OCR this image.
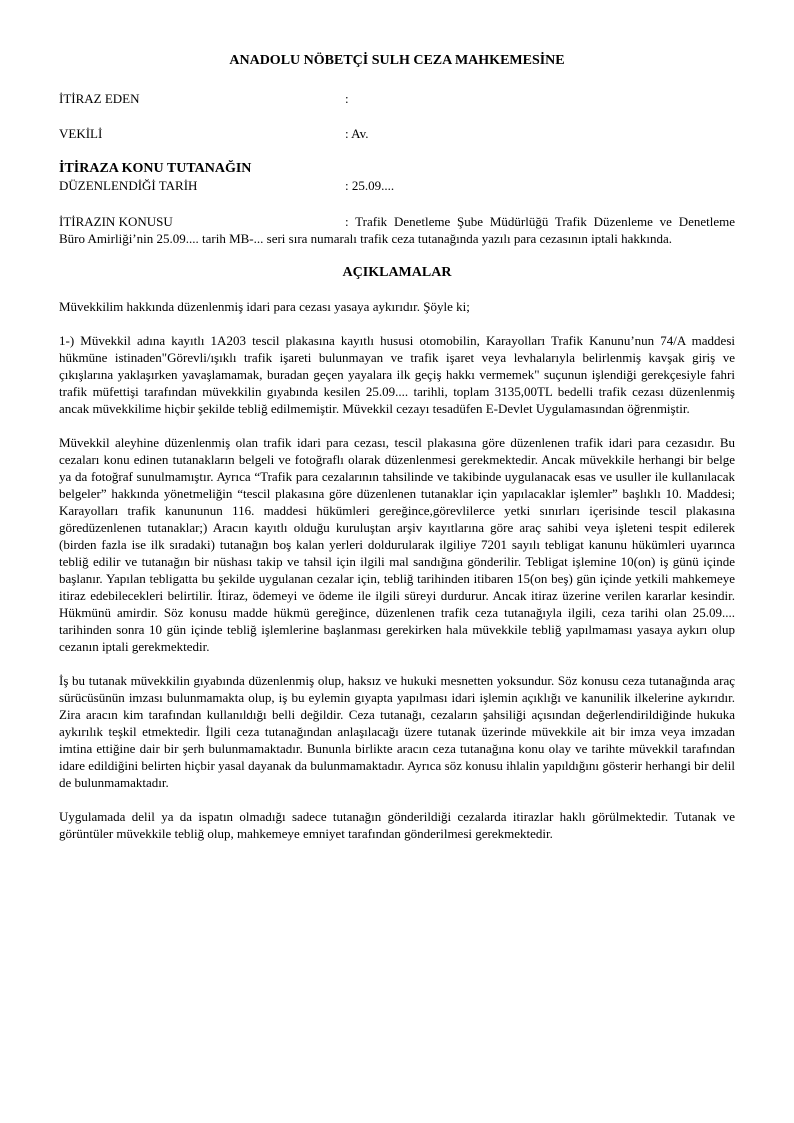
ANADOLU NÖBETÇİ SULH CEZA MAHKEMESİNE
İTİRAZ EDEN	:
VEKİLİ	: Av.
İTİRAZA KONU TUTANAĞIN
DÜZENLENDİĞİ TARİH	: 25.09....
İTİRAZIN KONUSU	: Trafik Denetleme Şube Müdürlüğü Trafik Düzenleme ve Denetleme Büro Amirliği’nin 25.09.... tarih MB-... seri sıra numaralı trafik ceza tutanağında yazılı para cezasının iptali hakkında.
AÇIKLAMALAR

Müvekkilim hakkında düzenlenmiş idari para cezası yasaya aykırıdır. Şöyle ki;

1-) Müvekkil adına kayıtlı 1A203 tescil plakasına kayıtlı hususi otomobilin, Karayolları Trafik Kanunu’nun 74/A maddesi hükmüne istinaden"Görevli/ışıklı trafik işareti bulunmayan ve trafik işaret veya levhalarıyla belirlenmiş kavşak giriş ve çıkışlarına yaklaşırken yavaşlamamak, buradan geçen yayalara ilk geçiş hakkı vermemek" suçunun işlendiği gerekçesiyle fahri trafik müfettişi tarafından müvekkilin gıyabında kesilen 25.09.... tarihli, toplam 3135,00TL bedelli trafik cezası düzenlenmiş ancak müvekkilime hiçbir şekilde tebliğ edilmemiştir. Müvekkil cezayı tesadüfen E-Devlet Uygulamasından öğrenmiştir.

Müvekkil aleyhine düzenlenmiş olan trafik idari para cezası, tescil plakasına göre düzenlenen trafik idari para cezasıdır. Bu cezaları konu edinen tutanakların belgeli ve fotoğraflı olarak düzenlenmesi gerekmektedir. Ancak müvekkile herhangi bir belge ya da fotoğraf sunulmamıştır. Ayrıca “Trafik para cezalarının tahsilinde ve takibinde uygulanacak esas ve usuller ile kullanılacak belgeler” hakkında yönetmeliğin “tescil plakasına göre düzenlenen tutanaklar için yapılacaklar işlemler” başlıklı 10. Maddesi; Karayolları trafik kanununun 116. maddesi hükümleri gereğince,görevlilerce yetki sınırları içerisinde tescil plakasına göredüzenlenen tutanaklar;) Aracın kayıtlı olduğu kuruluştan arşiv kayıtlarına göre araç sahibi veya işleteni tespit edilerek (birden fazla ise ilk sıradaki) tutanağın boş kalan yerleri doldurularak ilgiliye 7201 sayılı tebligat kanunu hükümleri uyarınca tebliğ edilir ve tutanağın bir nüshası takip ve tahsil için ilgili mal sandığına gönderilir. Tebligat işlemine 10(on) iş günü içinde başlanır. Yapılan tebligatta bu şekilde uygulanan cezalar için, tebliğ tarihinden itibaren 15(on beş) gün içinde yetkili mahkemeye itiraz edebilecekleri belirtilir. İtiraz, ödemeyi ve ödeme ile ilgili süreyi durdurur. Ancak itiraz üzerine verilen kararlar kesindir. Hükmünü amirdir. Söz konusu madde hükmü gereğince, düzenlenen trafik ceza tutanağıyla ilgili, ceza tarihi olan 25.09.... tarihinden sonra 10 gün içinde tebliğ işlemlerine başlanması gerekirken hala müvekkile tebliğ yapılmaması yasaya aykırı olup cezanın iptali gerekmektedir.

İş bu tutanak müvekkilin gıyabında düzenlenmiş olup, haksız ve hukuki mesnetten yoksundur. Söz konusu ceza tutanağında araç sürücüsünün imzası bulunmamakta olup, iş bu eylemin gıyapta yapılması idari işlemin açıklığı ve kanunilik ilkelerine aykırıdır. Zira aracın kim tarafından kullanıldığı belli değildir. Ceza tutanağı, cezaların şahsiliği açısından değerlendirildiğinde hukuka aykırılık teşkil etmektedir. İlgili ceza tutanağından anlaşılacağı üzere tutanak üzerinde müvekkile ait bir imza veya imzadan imtina ettiğine dair bir şerh bulunmamaktadır. Bununla birlikte aracın ceza tutanağına konu olay ve tarihte müvekkil tarafından idare edildiğini belirten hiçbir yasal dayanak da bulunmamaktadır. Ayrıca söz konusu ihlalin yapıldığını gösterir herhangi bir delil de bulunmamaktadır.

Uygulamada delil ya da ispatın olmadığı sadece tutanağın gönderildiği cezalarda itirazlar haklı görülmektedir. Tutanak ve görüntüler müvekkile tebliğ olup, mahkemeye emniyet tarafından gönderilmesi gerekmektedir.
